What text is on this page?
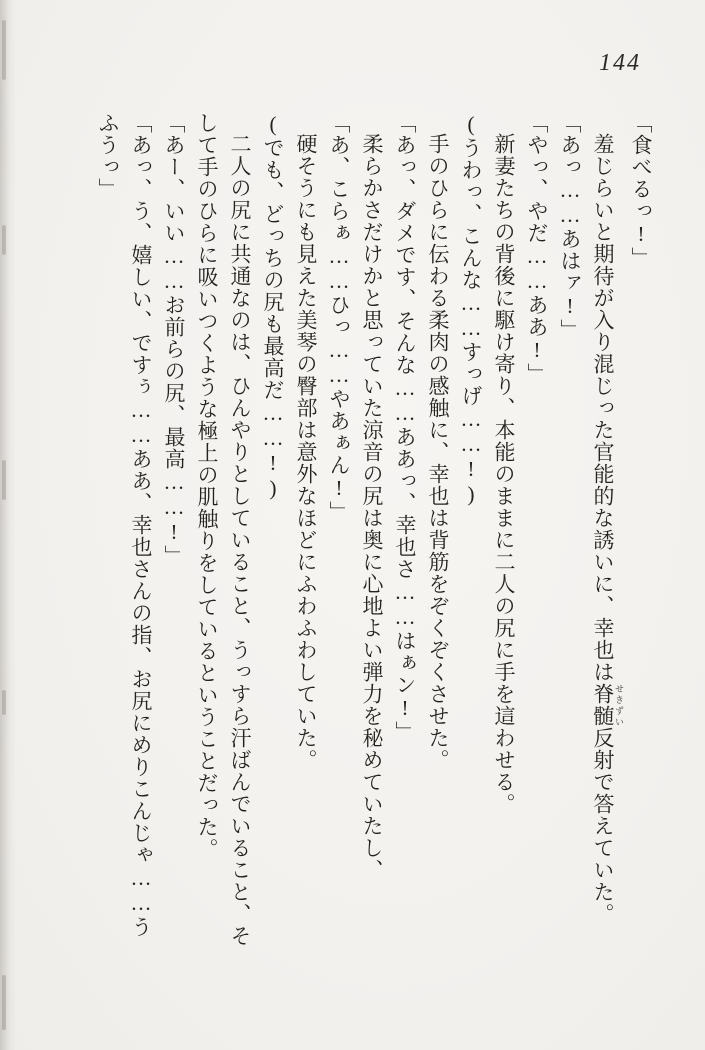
144

「食べるっ!」

羞じらいと期待が入り混じった官能的な誘いに、幸也は脊髄 せきずい反射で答えていた。

「あっ……あはァ!」

「やっ、やだ……ああ!」

新妻たちの背後に駆け寄り、本能のままに二人の尻に手を這わせる。

(うわっ、こんな……すっげ……!)

手のひらに伝わる柔肉の感触に、幸也は背筋をぞくぞくさせた。

「あっ、ダメです、そんな……ああっ、幸也さ……はぁン!」

柔らかさだけかと思っていた涼音の尻は奥に心地よい弾力を秘めていたし、

「あ、こらぁ……ひっ……やあぁん!」

硬そうにも見えた美琴の臀部は意外なほどにふわふわしていた。

(でも、どっちの尻も最高だ……!)

二人の尻に共通なのは、ひんやりとしていること、うっすら汗ばんでいること、そして手のひらに吸いつくような極上の肌触りをしているということだった。

「あー、いい……お前らの尻、最高……!」

「あっ、う、嬉しい、ですぅ……ああ、幸也さんの指、お尻にめりこんじゃ……うふうっ」
